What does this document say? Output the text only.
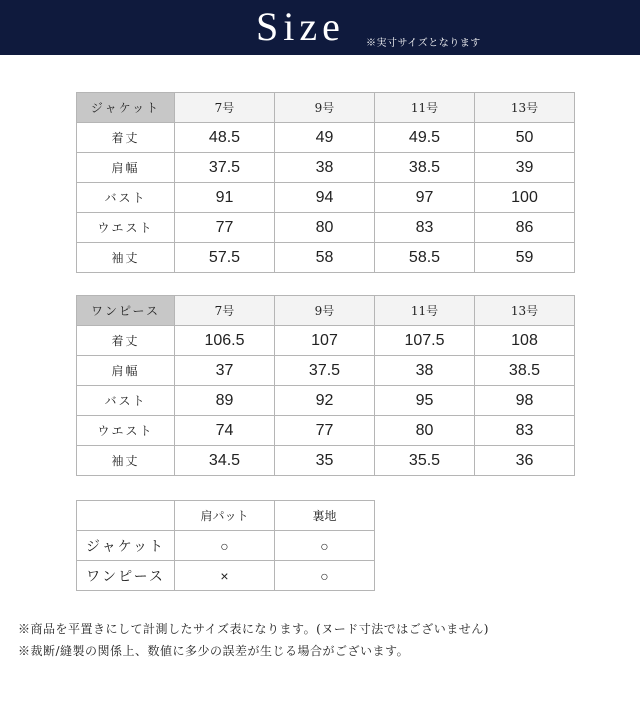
Size ※実寸サイズとなります
ジャケット	7号	9号	11号	13号
着丈	48.5	49	49.5	50
肩幅	37.5	38	38.5	39
バスト	91	94	97	100
ウエスト	77	80	83	86
袖丈	57.5	58	58.5	59
ワンピース	7号	9号	11号	13号
着丈	106.5	107	107.5	108
肩幅	37	37.5	38	38.5
バスト	89	92	95	98
ウエスト	74	77	80	83
袖丈	34.5	35	35.5	36
	肩パット	裏地
ジャケット	○	○
ワンピース	×	○
※商品を平置きにして計測したサイズ表になります。(ヌード寸法ではございません)
※裁断/縫製の関係上、数値に多少の誤差が生じる場合がございます。
